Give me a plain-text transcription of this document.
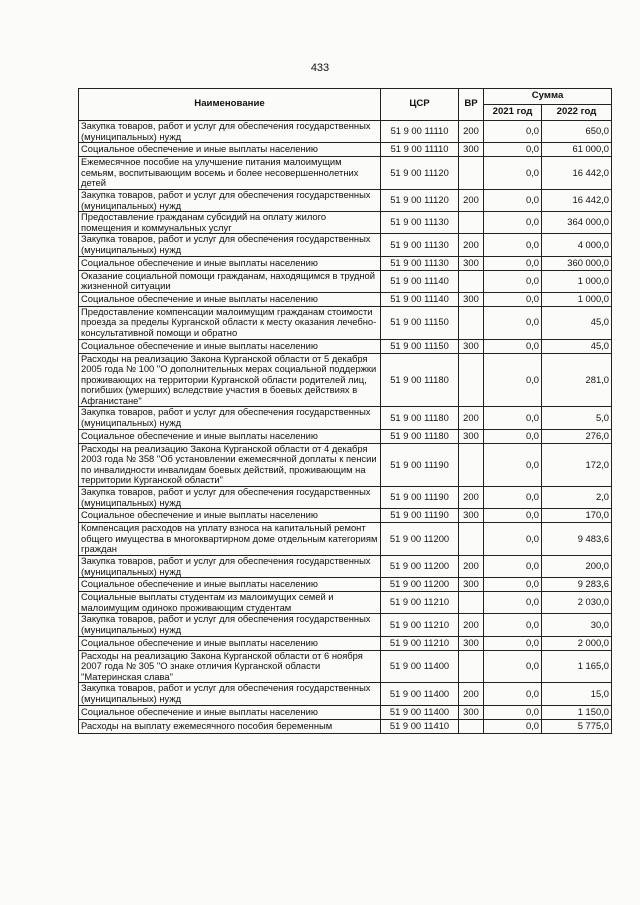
433
Наименование	ЦСР	ВР	Сумма	
			2021 год	2022 год
Закупка товаров, работ и услуг для обеспечения государственных (муниципальных) нужд	51 9 00 11110	200	0,0	650,0
Социальное обеспечение и иные выплаты населению	51 9 00 11110	300	0,0	61 000,0
Ежемесячное пособие на улучшение питания малоимущим семьям, воспитывающим восемь и более несовершеннолетних детей	51 9 00 11120		0,0	16 442,0
Закупка товаров, работ и услуг для обеспечения государственных (муниципальных) нужд	51 9 00 11120	200	0,0	16 442,0
Предоставление гражданам субсидий на оплату жилого помещения и коммунальных услуг	51 9 00 11130		0,0	364 000,0
Закупка товаров, работ и услуг для обеспечения государственных (муниципальных) нужд	51 9 00 11130	200	0,0	4 000,0
Социальное обеспечение и иные выплаты населению	51 9 00 11130	300	0,0	360 000,0
Оказание социальной помощи гражданам, находящимся в трудной жизненной ситуации	51 9 00 11140		0,0	1 000,0
Социальное обеспечение и иные выплаты населению	51 9 00 11140	300	0,0	1 000,0
Предоставление компенсации малоимущим гражданам стоимости проезда за пределы Курганской области к месту оказания лечебно-консультативной помощи и обратно	51 9 00 11150		0,0	45,0
Социальное обеспечение и иные выплаты населению	51 9 00 11150	300	0,0	45,0
Расходы на реализацию Закона Курганской области от 5 декабря 2005 года № 100 "О дополнительных мерах социальной поддержки проживающих на территории Курганской области родителей лиц, погибших (умерших) вследствие участия в боевых действиях в Афганистане"	51 9 00 11180		0,0	281,0
Закупка товаров, работ и услуг для обеспечения государственных (муниципальных) нужд	51 9 00 11180	200	0,0	5,0
Социальное обеспечение и иные выплаты населению	51 9 00 11180	300	0,0	276,0
Расходы на реализацию Закона Курганской области от 4 декабря 2003 года № 358 "Об установлении ежемесячной доплаты к пенсии по инвалидности инвалидам боевых действий, проживающим на территории Курганской области"	51 9 00 11190		0,0	172,0
Закупка товаров, работ и услуг для обеспечения государственных (муниципальных) нужд	51 9 00 11190	200	0,0	2,0
Социальное обеспечение и иные выплаты населению	51 9 00 11190	300	0,0	170,0
Компенсация расходов на уплату взноса на капитальный ремонт общего имущества в многоквартирном доме отдельным категориям граждан	51 9 00 11200		0,0	9 483,6
Закупка товаров, работ и услуг для обеспечения государственных (муниципальных) нужд	51 9 00 11200	200	0,0	200,0
Социальное обеспечение и иные выплаты населению	51 9 00 11200	300	0,0	9 283,6
Социальные выплаты студентам из малоимущих семей и малоимущим одиноко проживающим студентам	51 9 00 11210		0,0	2 030,0
Закупка товаров, работ и услуг для обеспечения государственных (муниципальных) нужд	51 9 00 11210	200	0,0	30,0
Социальное обеспечение и иные выплаты населению	51 9 00 11210	300	0,0	2 000,0
Расходы на реализацию Закона Курганской области от 6 ноября 2007 года № 305 "О знаке отличия Курганской области "Материнская слава"	51 9 00 11400		0,0	1 165,0
Закупка товаров, работ и услуг для обеспечения государственных (муниципальных) нужд	51 9 00 11400	200	0,0	15,0
Социальное обеспечение и иные выплаты населению	51 9 00 11400	300	0,0	1 150,0
Расходы на выплату ежемесячного пособия беременным	51 9 00 11410		0,0	5 775,0
